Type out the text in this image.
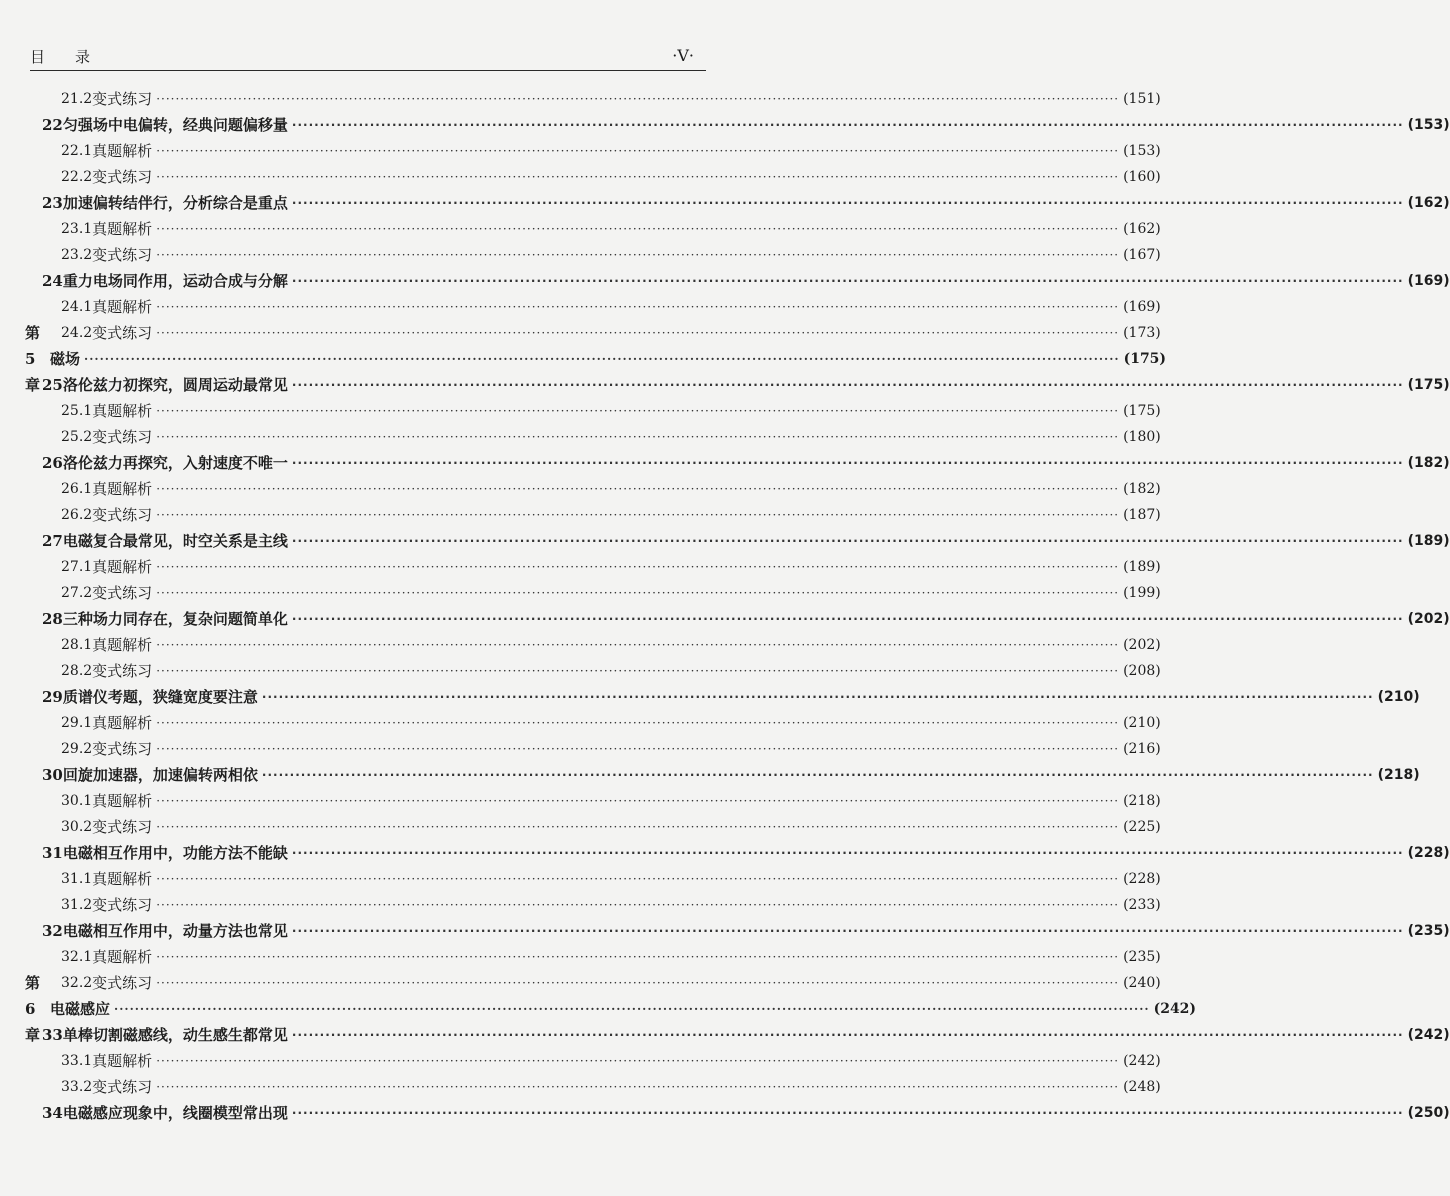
目 录	·V·
21.2 变式练习 ········································································································································································································ (151)
22 匀强场中电偏转，经典问题偏移量 ········································································································································································································ (153)
22.1 真题解析 ········································································································································································································ (153)
22.2 变式练习 ········································································································································································································ (160)
23 加速偏转结伴行，分析综合是重点 ········································································································································································································ (162)
23.1 真题解析 ········································································································································································································ (162)
23.2 变式练习 ········································································································································································································ (167)
24 重力电场同作用，运动合成与分解 ········································································································································································································ (169)
24.1 真题解析 ········································································································································································································ (169)
24.2 变式练习 ········································································································································································································ (173)
第5章
磁场 ········································································································································································································ (175)
25 洛伦兹力初探究，圆周运动最常见 ········································································································································································································ (175)
25.1 真题解析 ········································································································································································································ (175)
25.2 变式练习 ········································································································································································································ (180)
26 洛伦兹力再探究，入射速度不唯一 ········································································································································································································ (182)
26.1 真题解析 ········································································································································································································ (182)
26.2 变式练习 ········································································································································································································ (187)
27 电磁复合最常见，时空关系是主线 ········································································································································································································ (189)
27.1 真题解析 ········································································································································································································ (189)
27.2 变式练习 ········································································································································································································ (199)
28 三种场力同存在，复杂问题简单化 ········································································································································································································ (202)
28.1 真题解析 ········································································································································································································ (202)
28.2 变式练习 ········································································································································································································ (208)
29 质谱仪考题，狭缝宽度要注意 ········································································································································································································ (210)
29.1 真题解析 ········································································································································································································ (210)
29.2 变式练习 ········································································································································································································ (216)
30 回旋加速器，加速偏转两相依 ········································································································································································································ (218)
30.1 真题解析 ········································································································································································································ (218)
30.2 变式练习 ········································································································································································································ (225)
31 电磁相互作用中，功能方法不能缺 ········································································································································································································ (228)
31.1 真题解析 ········································································································································································································ (228)
31.2 变式练习 ········································································································································································································ (233)
32 电磁相互作用中，动量方法也常见 ········································································································································································································ (235)
32.1 真题解析 ········································································································································································································ (235)
32.2 变式练习 ········································································································································································································ (240)
第6章
电磁感应 ········································································································································································································ (242)
33 单棒切割磁感线，动生感生都常见 ········································································································································································································ (242)
33.1 真题解析 ········································································································································································································ (242)
33.2 变式练习 ········································································································································································································ (248)
34 电磁感应现象中，线圈模型常出现 ········································································································································································································ (250)
